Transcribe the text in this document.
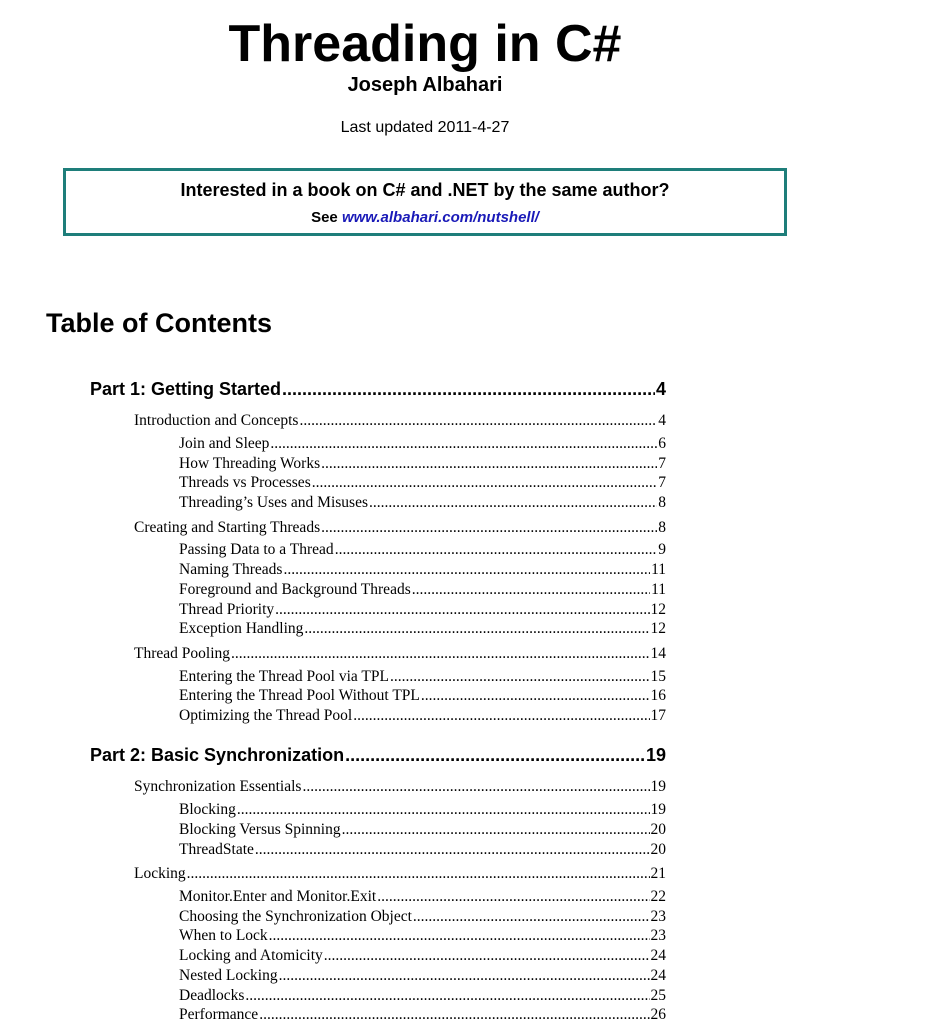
Threading in C#
Joseph Albahari
Last updated 2011-4-27
Interested in a book on C# and .NET by the same author?
See www.albahari.com/nutshell/
Table of Contents
Part 1: Getting Started .....	4
Introduction and Concepts .....	4
Join and Sleep .....	6
How Threading Works .....	7
Threads vs Processes .....	7
Threading’s Uses and Misuses .....	8
Creating and Starting Threads .....	8
Passing Data to a Thread .....	9
Naming Threads .....	11
Foreground and Background Threads .....	11
Thread Priority .....	12
Exception Handling .....	12
Thread Pooling .....	14
Entering the Thread Pool via TPL .....	15
Entering the Thread Pool Without TPL .....	16
Optimizing the Thread Pool .....	17
Part 2: Basic Synchronization .....	19
Synchronization Essentials .....	19
Blocking .....	19
Blocking Versus Spinning .....	20
ThreadState .....	20
Locking .....	21
Monitor.Enter and Monitor.Exit .....	22
Choosing the Synchronization Object .....	23
When to Lock .....	23
Locking and Atomicity .....	24
Nested Locking .....	24
Deadlocks .....	25
Performance .....	26
